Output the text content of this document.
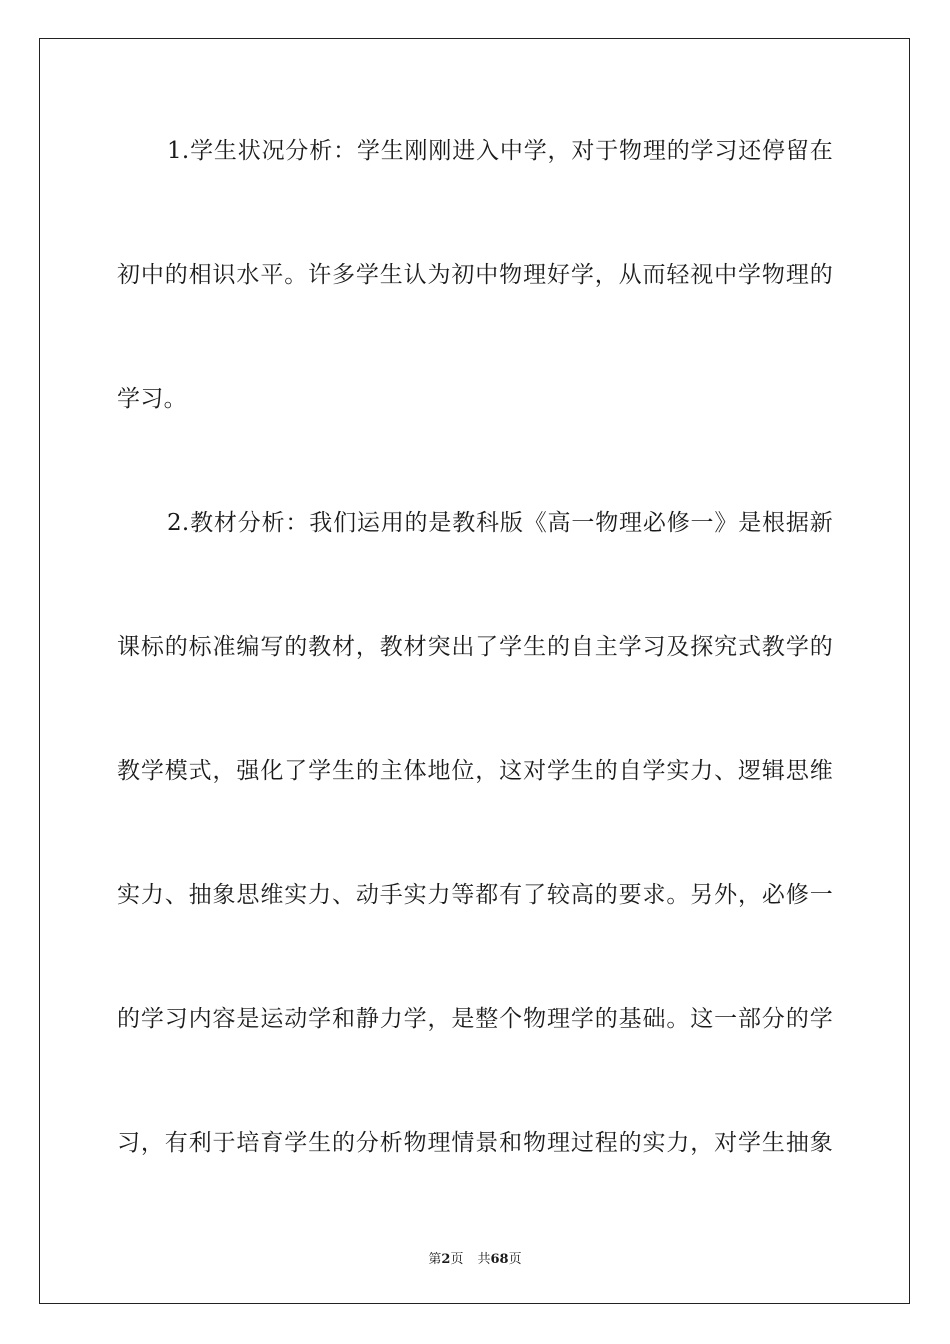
1.学生状况分析：学生刚刚进入中学，对于物理的学习还停留在
初中的相识水平。许多学生认为初中物理好学，从而轻视中学物理的
学习。
2.教材分析：我们运用的是教科版《高一物理必修一》是根据新
课标的标准编写的教材，教材突出了学生的自主学习及探究式教学的
教学模式，强化了学生的主体地位，这对学生的自学实力、逻辑思维
实力、抽象思维实力、动手实力等都有了较高的要求。另外，必修一
的学习内容是运动学和静力学，是整个物理学的基础。这一部分的学
习，有利于培育学生的分析物理情景和物理过程的实力，对学生抽象
第2页 共68页
